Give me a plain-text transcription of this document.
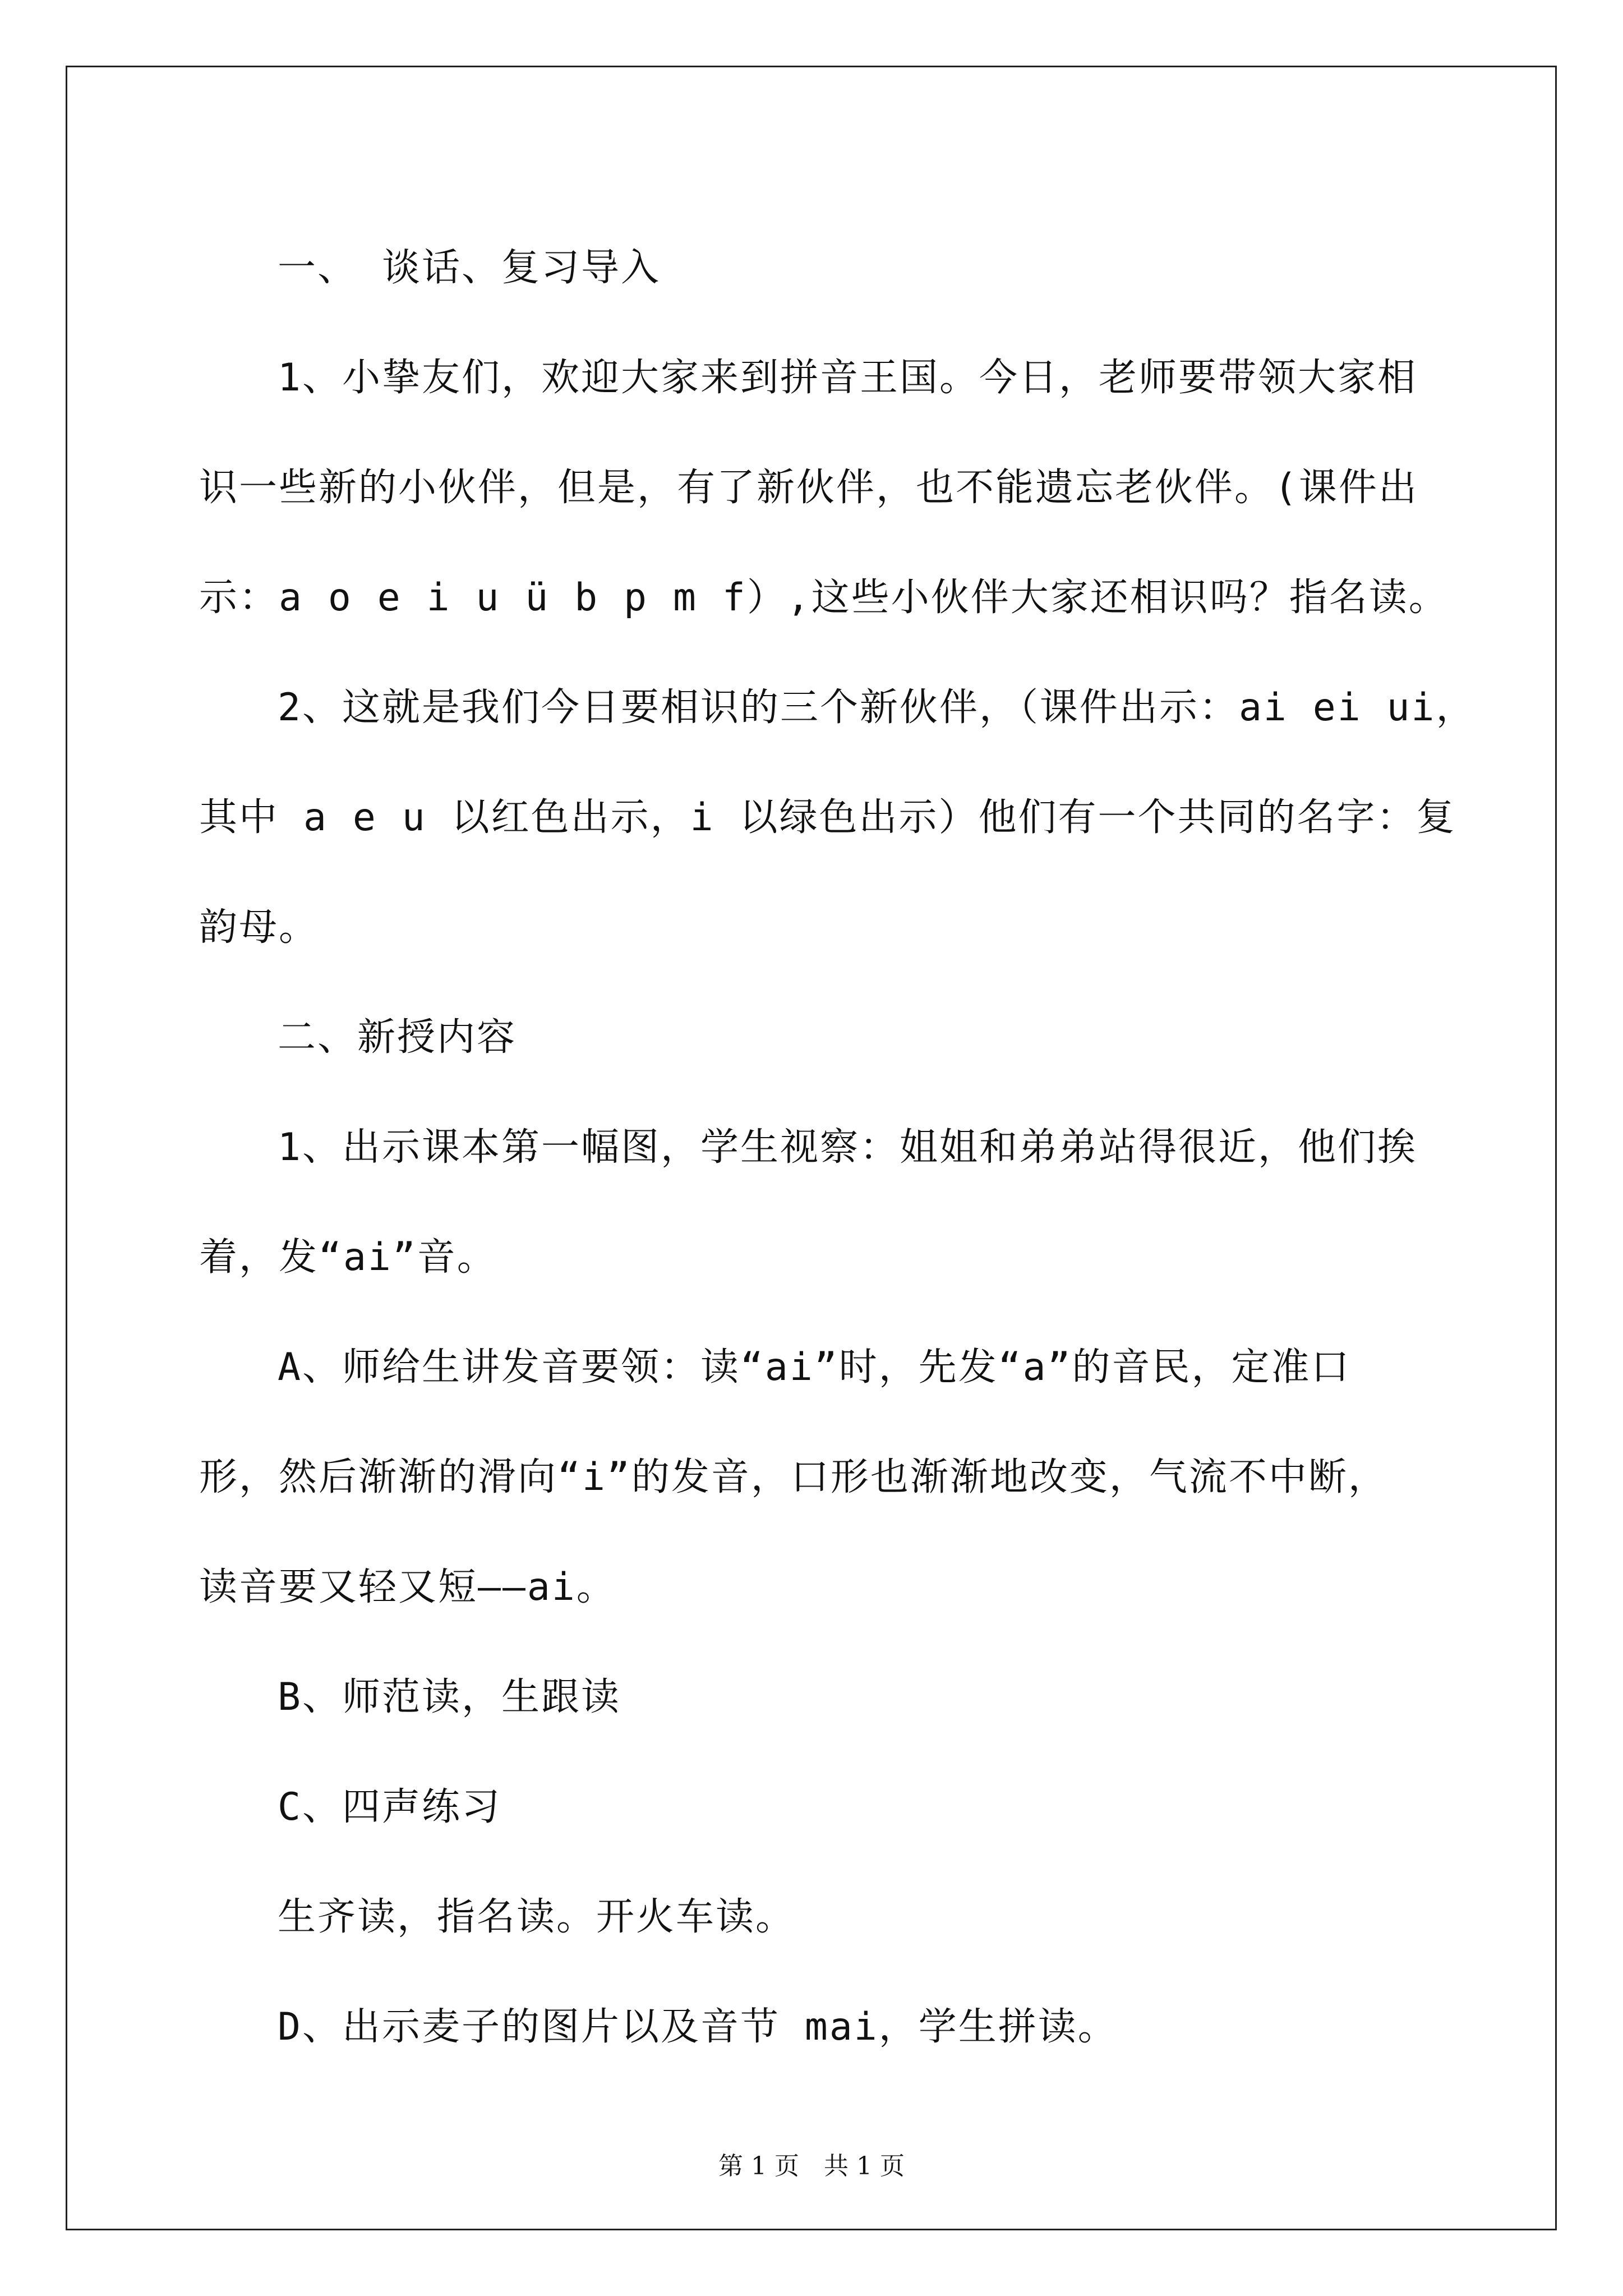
一、 谈话、复习导入

1、小挚友们，欢迎大家来到拼音王国。今日，老师要带领大家相

识一些新的小伙伴，但是，有了新伙伴，也不能遗忘老伙伴。(课件出

示：a o e i u ü b p m f）,这些小伙伴大家还相识吗？指名读。

2、这就是我们今日要相识的三个新伙伴，（课件出示：ai ei ui，

其中 a e u 以红色出示，i 以绿色出示）他们有一个共同的名字：复

韵母。

二、新授内容

1、出示课本第一幅图，学生视察：姐姐和弟弟站得很近，他们挨

着，发“ai”音。

A、师给生讲发音要领：读“ai”时，先发“a”的音民，定准口

形，然后渐渐的滑向“i”的发音，口形也渐渐地改变，气流不中断，

读音要又轻又短——ai。

B、师范读，生跟读

C、四声练习

生齐读，指名读。开火车读。

D、出示麦子的图片以及音节 mai，学生拼读。

第 1 页　共 1 页
